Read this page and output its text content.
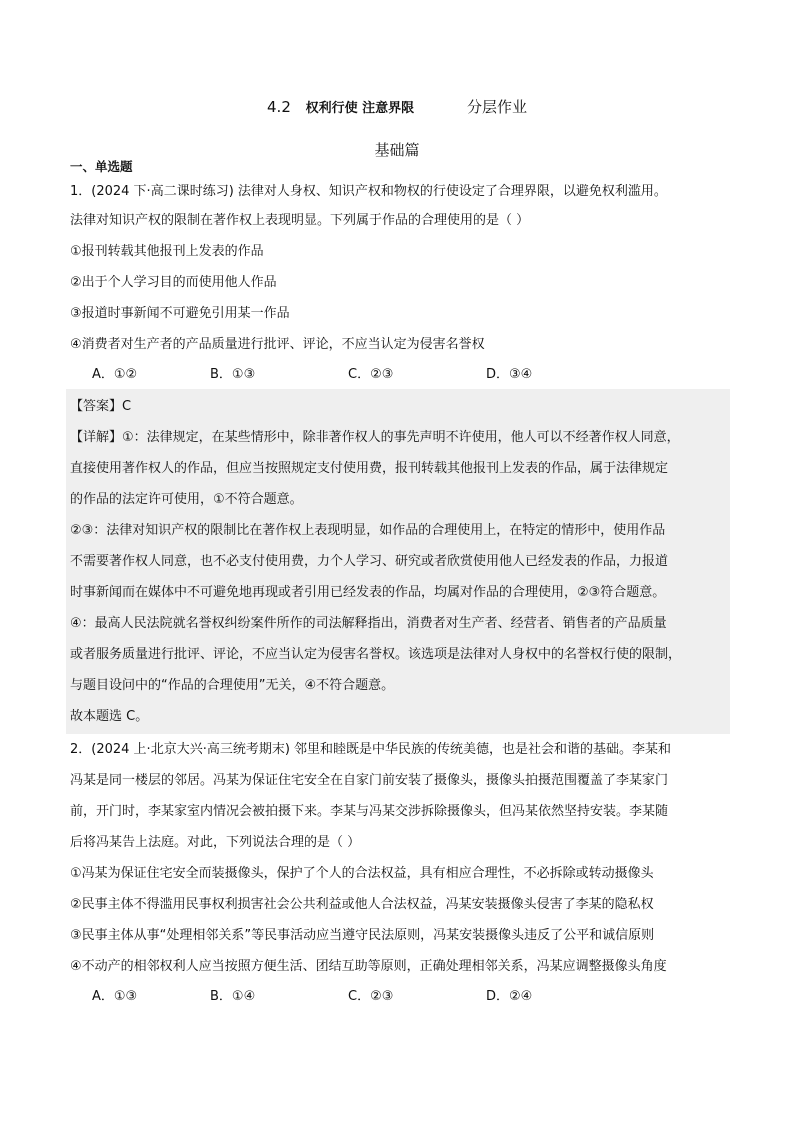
4.2 权利行使 注意界限	分层作业
基础篇
一、单选题
1．(2024 下·高二课时练习) 法律对人身权、知识产权和物权的行使设定了合理界限，以避免权利滥用。
法律对知识产权的限制在著作权上表现明显。下列属于作品的合理使用的是（ ）
①报刊转载其他报刊上发表的作品
②出于个人学习目的而使用他人作品
③报道时事新闻不可避免引用某一作品
④消费者对生产者的产品质量进行批评、评论，不应当认定为侵害名誉权
A．①②	B．①③	C．②③	D．③④
【答案】C
【详解】①：法律规定，在某些情形中，除非著作权人的事先声明不许使用，他人可以不经著作权人同意，
直接使用著作权人的作品，但应当按照规定支付使用费，报刊转载其他报刊上发表的作品，属于法律规定
的作品的法定许可使用，①不符合题意。
②③：法律对知识产权的限制比在著作权上表现明显，如作品的合理使用上，在特定的情形中，使用作品
不需要著作权人同意，也不必支付使用费，力个人学习、研究或者欣赏使用他人已经发表的作品，力报道
时事新闻而在媒体中不可避免地再现或者引用已经发表的作品，均属对作品的合理使用，②③符合题意。
④：最高人民法院就名誉权纠纷案件所作的司法解释指出，消费者对生产者、经营者、销售者的产品质量
或者服务质量进行批评、评论，不应当认定为侵害名誉权。该选项是法律对人身权中的名誉权行使的限制，
与题目设问中的“作品的合理使用”无关，④不符合题意。
故本题选 C。
2．(2024 上·北京大兴·高三统考期末) 邻里和睦既是中华民族的传统美德，也是社会和谐的基础。李某和
冯某是同一楼层的邻居。冯某为保证住宅安全在自家门前安装了摄像头，摄像头拍摄范围覆盖了李某家门
前，开门时，李某家室内情况会被拍摄下来。李某与冯某交涉拆除摄像头，但冯某依然坚持安装。李某随
后将冯某告上法庭。对此，下列说法合理的是（ ）
①冯某为保证住宅安全而装摄像头，保护了个人的合法权益，具有相应合理性，不必拆除或转动摄像头
②民事主体不得滥用民事权利损害社会公共利益或他人合法权益，冯某安装摄像头侵害了李某的隐私权
③民事主体从事“处理相邻关系”等民事活动应当遵守民法原则，冯某安装摄像头违反了公平和诚信原则
④不动产的相邻权利人应当按照方便生活、团结互助等原则，正确处理相邻关系，冯某应调整摄像头角度
A．①③	B．①④	C．②③	D．②④
